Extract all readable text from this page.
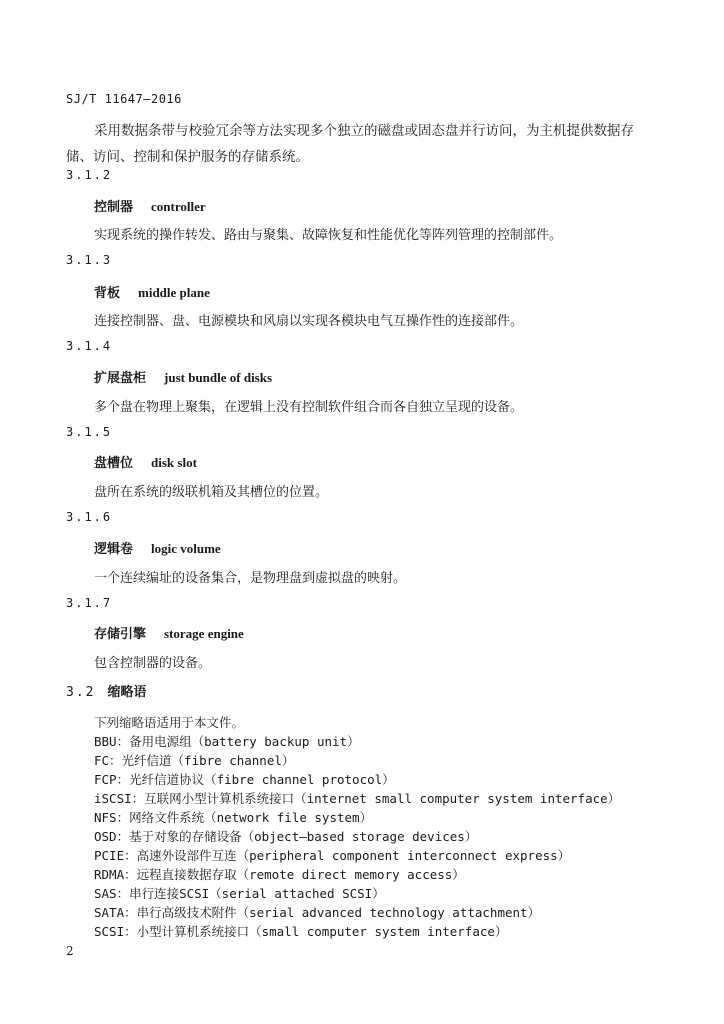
SJ/T 11647—2016
采用数据条带与校验冗余等方法实现多个独立的磁盘或固态盘并行访问，为主机提供数据存储、访问、控制和保护服务的存储系统。
3.1.2
控制器 controller
实现系统的操作转发、路由与聚集、故障恢复和性能优化等阵列管理的控制部件。
3.1.3
背板 middle plane
连接控制器、盘、电源模块和风扇以实现各模块电气互操作性的连接部件。
3.1.4
扩展盘柜 just bundle of disks
多个盘在物理上聚集，在逻辑上没有控制软件组合而各自独立呈现的设备。
3.1.5
盘槽位 disk slot
盘所在系统的级联机箱及其槽位的位置。
3.1.6
逻辑卷 logic volume
一个连续编址的设备集合，是物理盘到虚拟盘的映射。
3.1.7
存储引擎 storage engine
包含控制器的设备。
3.2 缩略语
下列缩略语适用于本文件。
BBU：备用电源组（battery backup unit）
FC：光纤信道（fibre channel）
FCP：光纤信道协议（fibre channel protocol）
iSCSI：互联网小型计算机系统接口（internet small computer system interface）
NFS：网络文件系统（network file system）
OSD：基于对象的存储设备（object—based storage devices）
PCIE：高速外设部件互连（peripheral component interconnect express）
RDMA：远程直接数据存取（remote direct memory access）
SAS：串行连接SCSI（serial attached SCSI）
SATA：串行高级技术附件（serial advanced technology attachment）
SCSI：小型计算机系统接口（small computer system interface）
2
